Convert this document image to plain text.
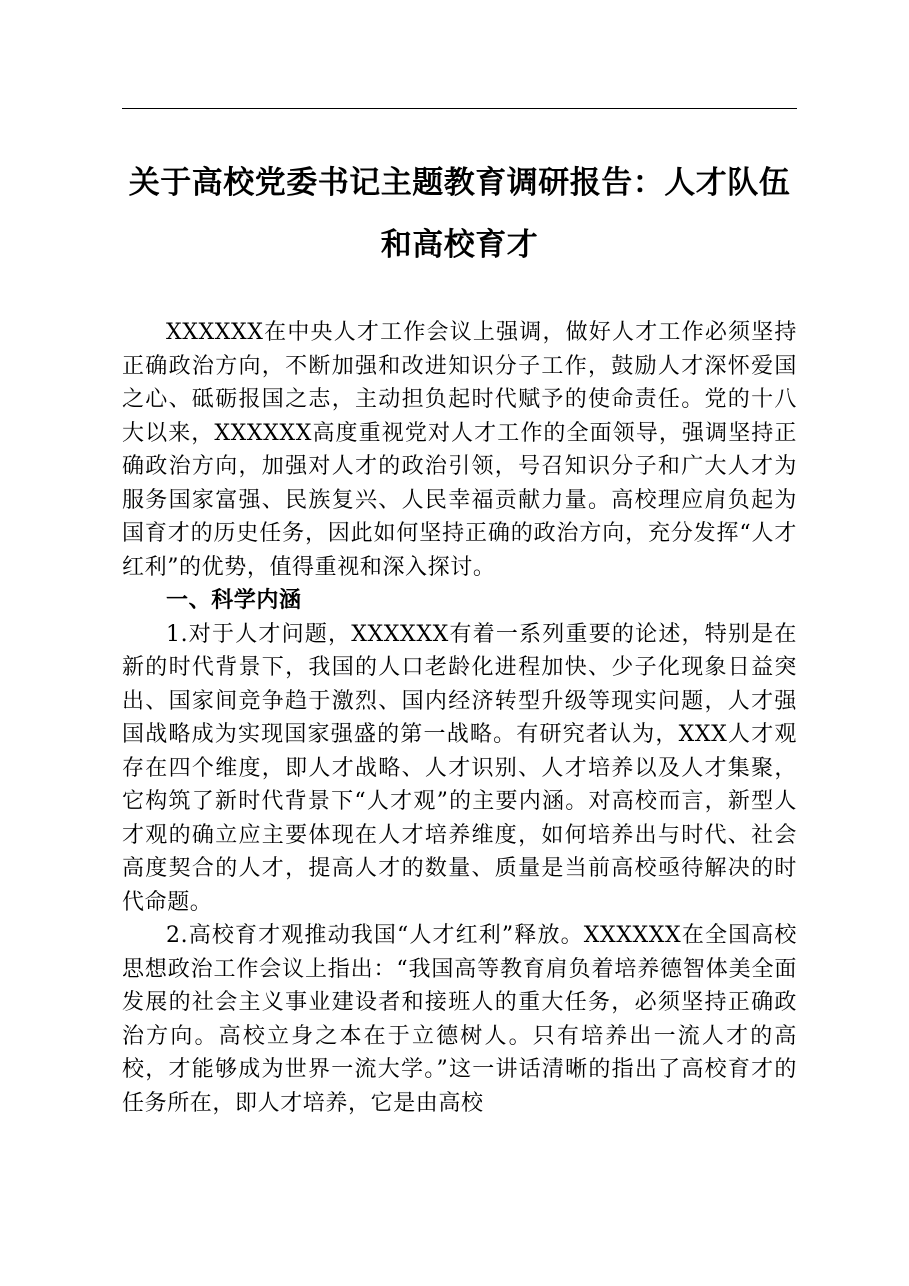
关于高校党委书记主题教育调研报告：人才队伍和高校育才

XXXXXX在中央人才工作会议上强调，做好人才工作必须坚持正确政治方向，不断加强和改进知识分子工作，鼓励人才深怀爱国之心、砥砺报国之志，主动担负起时代赋予的使命责任。党的十八大以来，XXXXXX高度重视党对人才工作的全面领导，强调坚持正确政治方向，加强对人才的政治引领，号召知识分子和广大人才为服务国家富强、民族复兴、人民幸福贡献力量。高校理应肩负起为国育才的历史任务，因此如何坚持正确的政治方向，充分发挥“人才红利”的优势，值得重视和深入探讨。

一、科学内涵

1.对于人才问题，XXXXXX有着一系列重要的论述，特别是在新的时代背景下，我国的人口老龄化进程加快、少子化现象日益突出、国家间竞争趋于激烈、国内经济转型升级等现实问题，人才强国战略成为实现国家强盛的第一战略。有研究者认为，XXX人才观存在四个维度，即人才战略、人才识别、人才培养以及人才集聚，它构筑了新时代背景下“人才观”的主要内涵。对高校而言，新型人才观的确立应主要体现在人才培养维度，如何培养出与时代、社会高度契合的人才，提高人才的数量、质量是当前高校亟待解决的时代命题。

2.高校育才观推动我国“人才红利”释放。XXXXXX在全国高校思想政治工作会议上指出：“我国高等教育肩负着培养德智体美全面发展的社会主义事业建设者和接班人的重大任务，必须坚持正确政治方向。高校立身之本在于立德树人。只有培养出一流人才的高校，才能够成为世界一流大学。”这一讲话清晰的指出了高校育才的任务所在，即人才培养，它是由高校
